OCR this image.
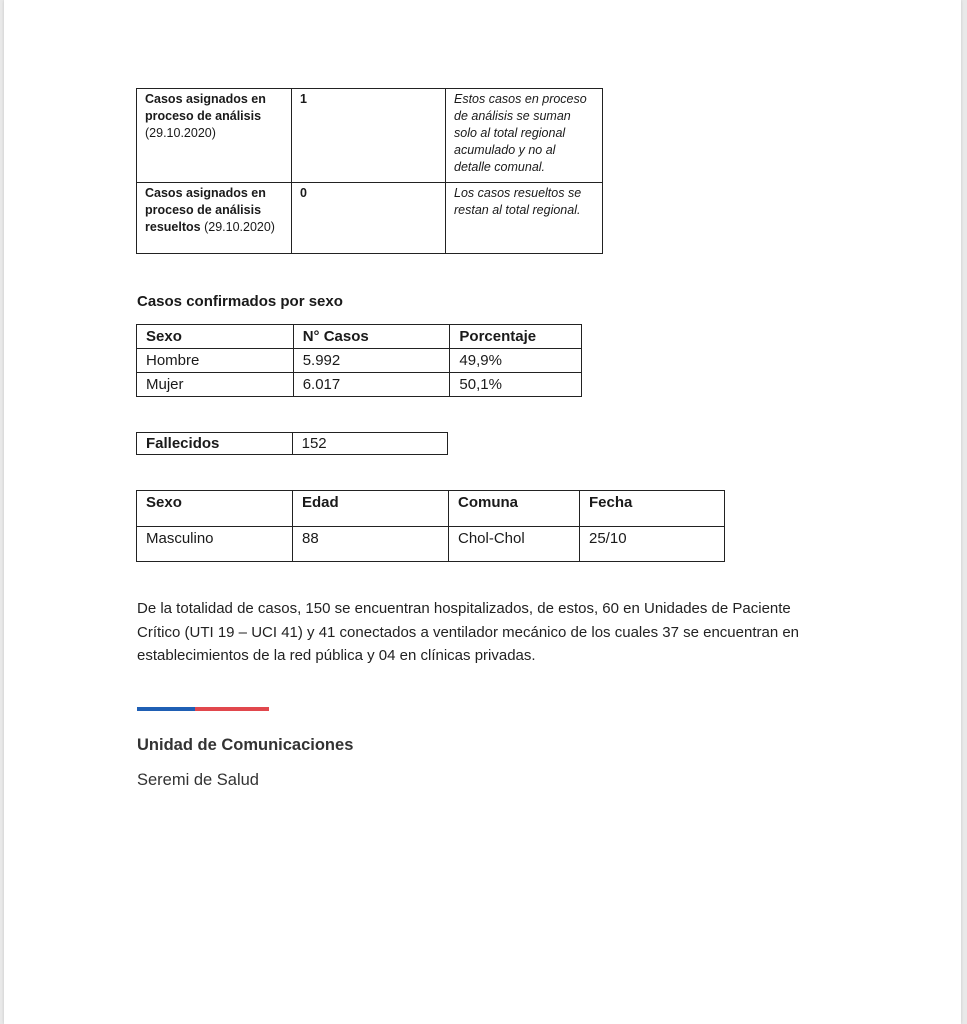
Casos asignados en proceso de análisis
(29.10.2020)	1	Estos casos en proceso de análisis se suman solo al total regional acumulado y no al detalle comunal.
Casos asignados en proceso de análisis resueltos (29.10.2020)	0	Los casos resueltos se restan al total regional.
Casos confirmados por sexo
Sexo	N° Casos	Porcentaje
Hombre	5.992	49,9%
Mujer	6.017	50,1%
Fallecidos	152
Sexo	Edad	Comuna	Fecha
Masculino	88	Chol-Chol	25/10
De la totalidad de casos, 150 se encuentran hospitalizados, de estos, 60 en Unidades de Paciente Crítico (UTI 19 – UCI 41) y 41 conectados a ventilador mecánico de los cuales 37 se encuentran en establecimientos de la red pública y 04 en clínicas privadas.
Unidad de Comunicaciones
Seremi de Salud
